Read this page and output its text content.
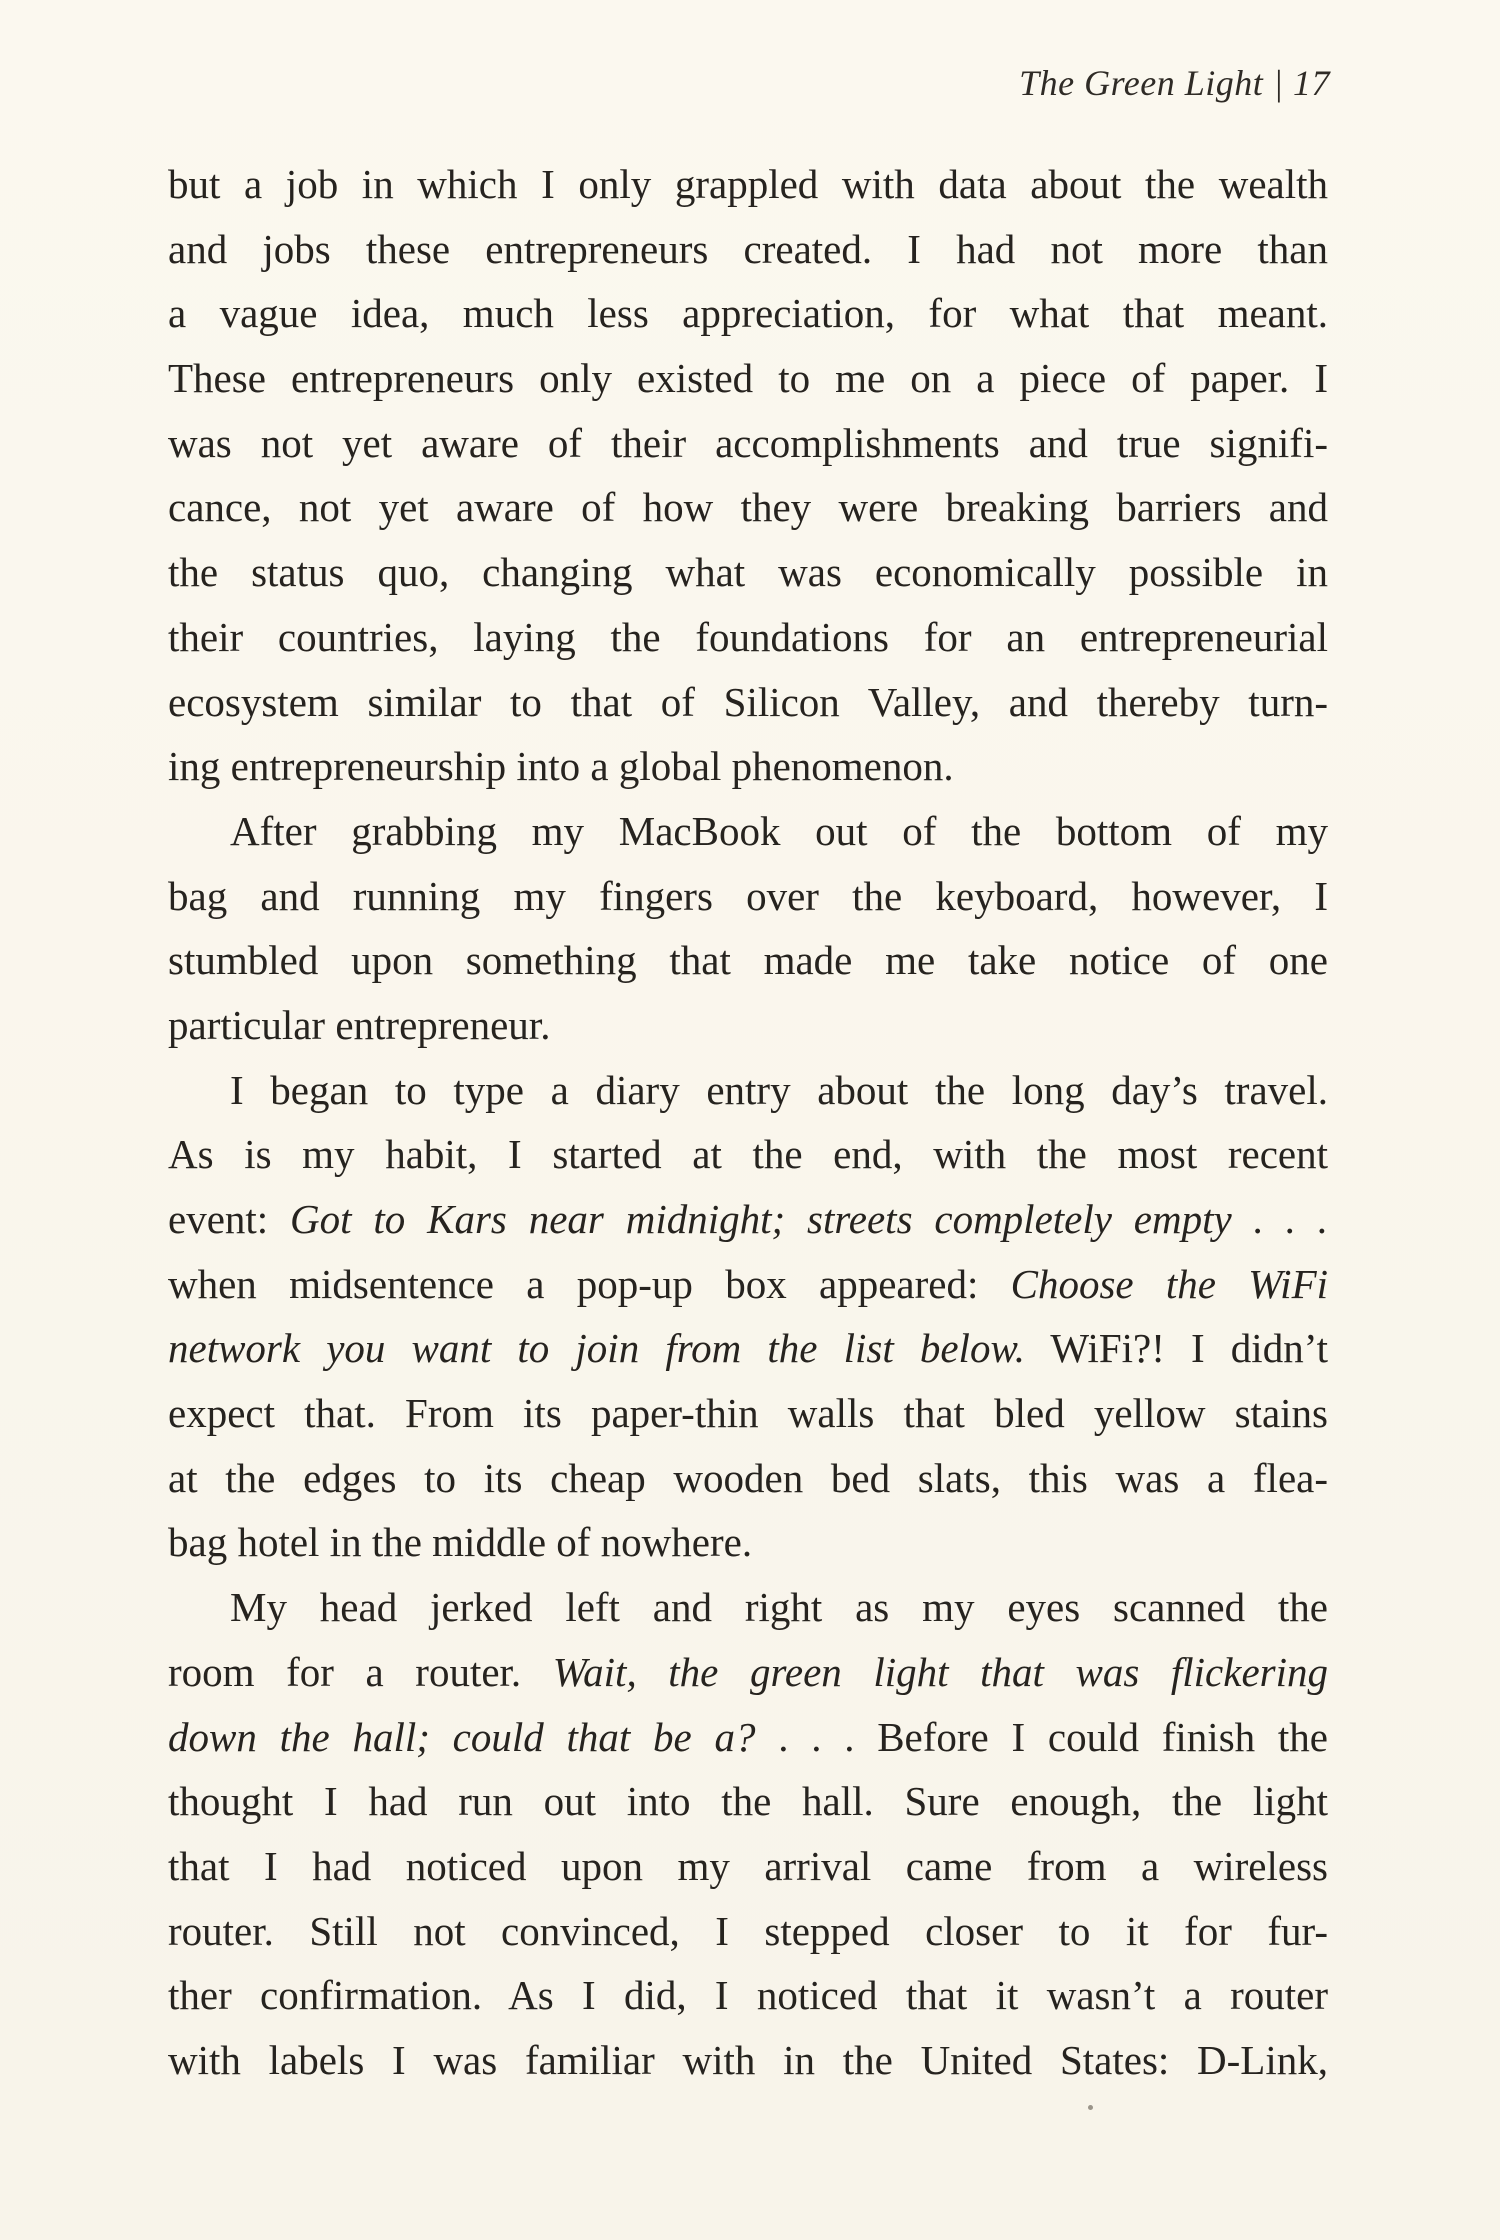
The Green Light | 17
but a job in which I only grappled with data about the wealth
and jobs these entrepreneurs created. I had not more than
a vague idea, much less appreciation, for what that meant.
These entrepreneurs only existed to me on a piece of paper. I
was not yet aware of their accomplishments and true signifi-
cance, not yet aware of how they were breaking barriers and
the status quo, changing what was economically possible in
their countries, laying the foundations for an entrepreneurial
ecosystem similar to that of Silicon Valley, and thereby turn-
ing entrepreneurship into a global phenomenon.
After grabbing my MacBook out of the bottom of my
bag and running my fingers over the keyboard, however, I
stumbled upon something that made me take notice of one
particular entrepreneur.
I began to type a diary entry about the long day’s travel.
As is my habit, I started at the end, with the most recent
event: Got to Kars near midnight; streets completely empty . . .
when midsentence a pop-up box appeared: Choose the WiFi
network you want to join from the list below. WiFi?! I didn’t
expect that. From its paper-thin walls that bled yellow stains
at the edges to its cheap wooden bed slats, this was a flea-
bag hotel in the middle of nowhere.
My head jerked left and right as my eyes scanned the
room for a router. Wait, the green light that was flickering
down the hall; could that be a? . . . Before I could finish the
thought I had run out into the hall. Sure enough, the light
that I had noticed upon my arrival came from a wireless
router. Still not convinced, I stepped closer to it for fur-
ther confirmation. As I did, I noticed that it wasn’t a router
with labels I was familiar with in the United States: D-Link,
